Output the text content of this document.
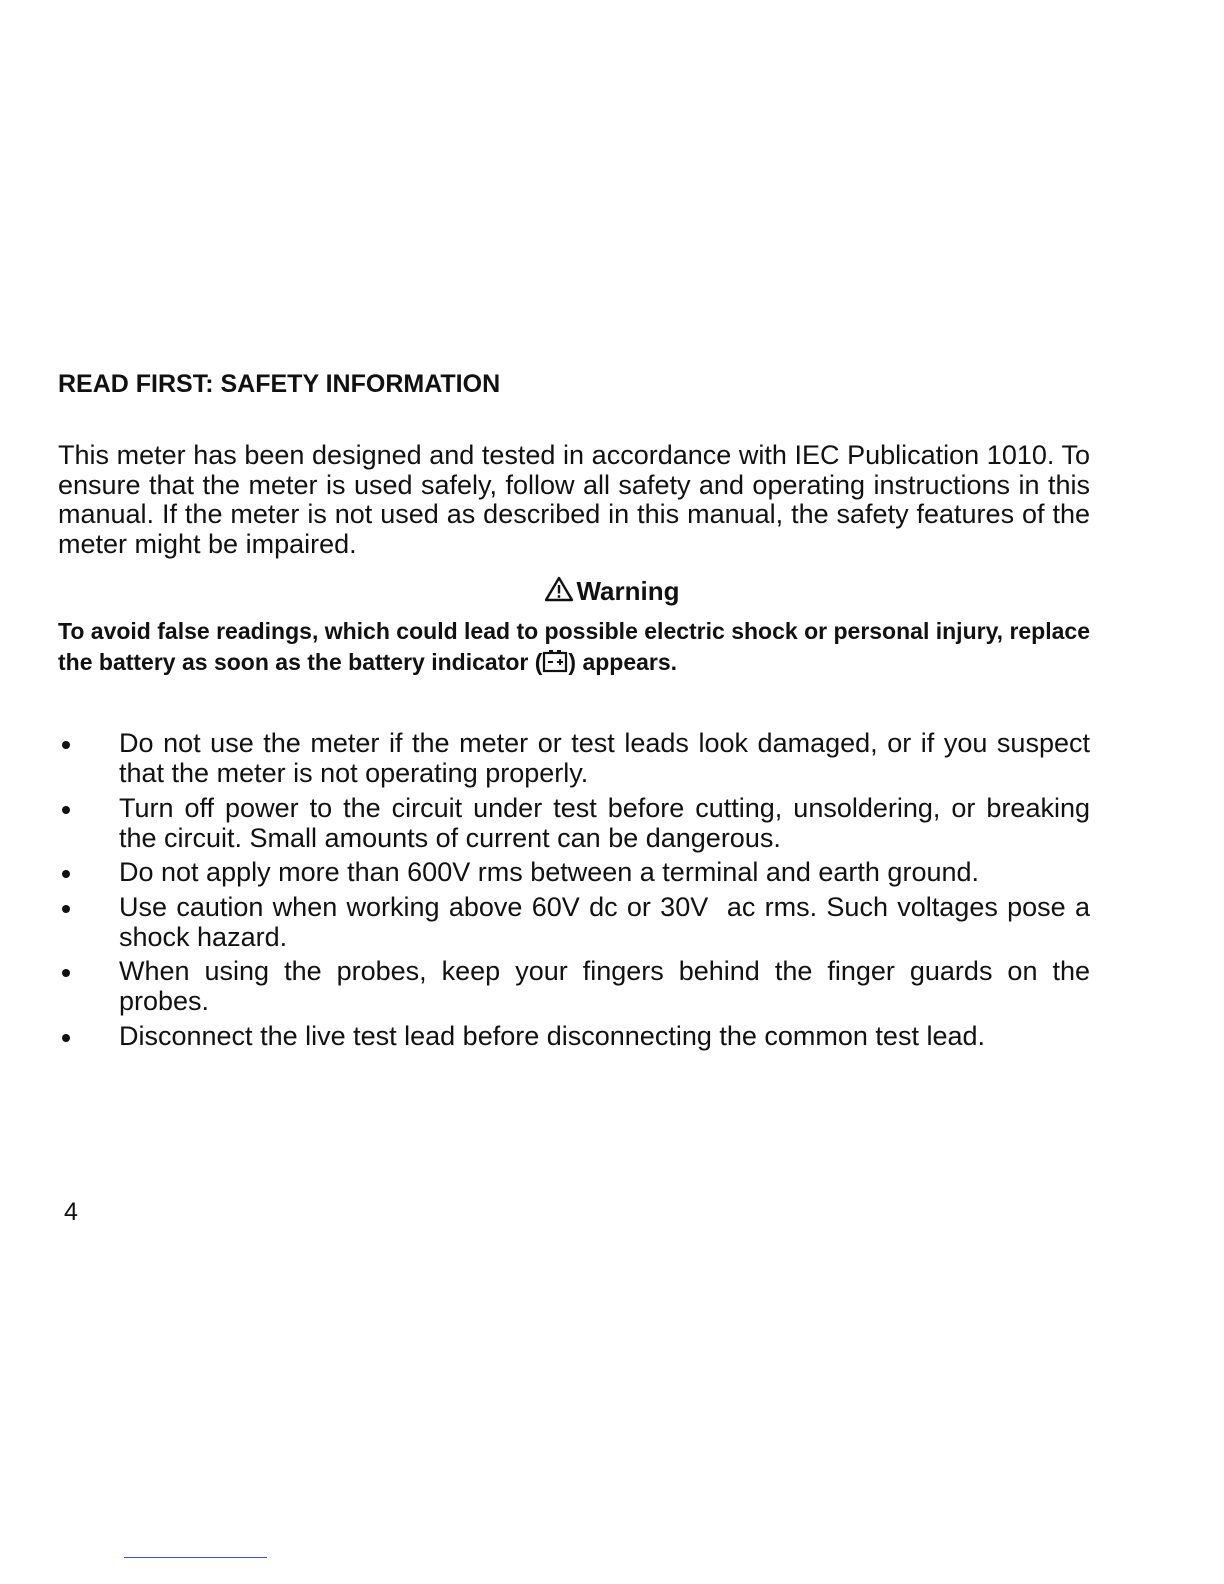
READ FIRST: SAFETY INFORMATION

This meter has been designed and tested in accordance with IEC Publication 1010. To ensure that the meter is used safely, follow all safety and operating instructions in this manual. If the meter is not used as described in this manual, the safety features of the meter might be impaired.

Warning

To avoid false readings, which could lead to possible electric shock or personal injury, replace the battery as soon as the battery indicator ( ) appears.

Do not use the meter if the meter or test leads look damaged, or if you suspect that the meter is not operating properly.
Turn off power to the circuit under test before cutting, unsoldering, or breaking the circuit. Small amounts of current can be dangerous.
Do not apply more than 600V rms between a terminal and earth ground.
Use caution when working above 60V dc or 30V  ac rms. Such voltages pose a shock hazard.
When using the probes, keep your fingers behind the finger guards on the probes.
Disconnect the live test lead before disconnecting the common test lead.
4
